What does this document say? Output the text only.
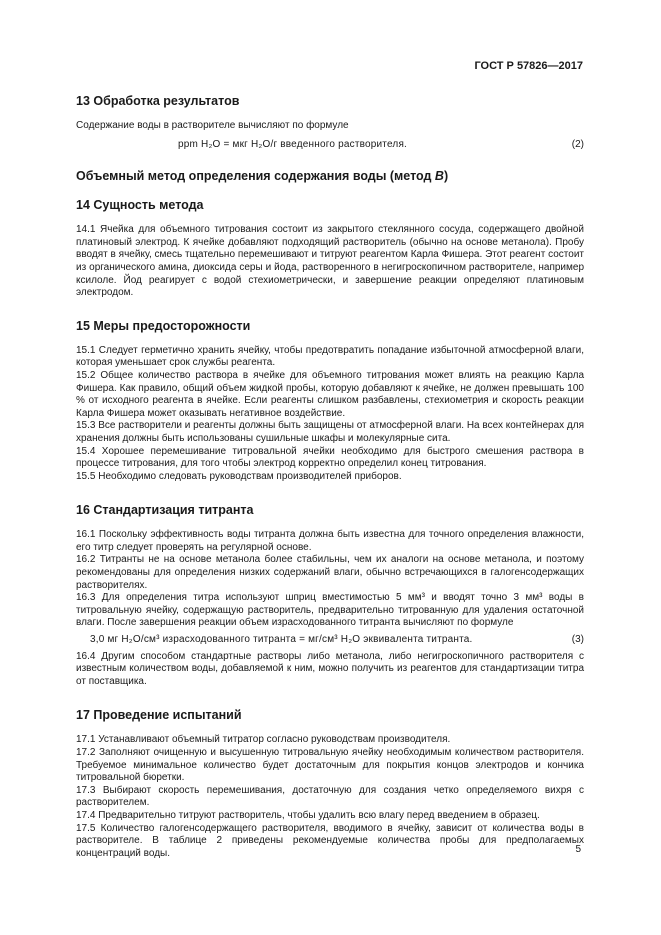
ГОСТ Р 57826—2017
13 Обработка результатов

Содержание воды в растворителе вычисляют по формуле

ppm H₂O = мкг H₂O/г введенного растворителя.	(2)
Объемный метод определения содержания воды (метод В)
14 Сущность метода

14.1 Ячейка для объемного титрования состоит из закрытого стеклянного сосуда, содержащего двойной платиновый электрод. К ячейке добавляют подходящий растворитель (обычно на основе метанола). Пробу вводят в ячейку, смесь тщательно перемешивают и титруют реагентом Карла Фишера. Этот реагент состоит из органического амина, диоксида серы и йода, растворенного в негигроскопичном растворителе, например ксилоле. Йод реагирует с водой стехиометрически, и завершение реакции определяют платиновым электродом.

15 Меры предосторожности

15.1 Следует герметично хранить ячейку, чтобы предотвратить попадание избыточной атмосферной влаги, которая уменьшает срок службы реагента.

15.2 Общее количество раствора в ячейке для объемного титрования может влиять на реакцию Карла Фишера. Как правило, общий объем жидкой пробы, которую добавляют к ячейке, не должен превышать 100 % от исходного реагента в ячейке. Если реагенты слишком разбавлены, стехиометрия и скорость реакции Карла Фишера может оказывать негативное воздействие.

15.3 Все растворители и реагенты должны быть защищены от атмосферной влаги. На всех контейнерах для хранения должны быть использованы сушильные шкафы и молекулярные сита.

15.4 Хорошее перемешивание титровальной ячейки необходимо для быстрого смешения раствора в процессе титрования, для того чтобы электрод корректно определил конец титрования.

15.5 Необходимо следовать руководствам производителей приборов.

16 Стандартизация титранта

16.1 Поскольку эффективность воды титранта должна быть известна для точного определения влажности, его титр следует проверять на регулярной основе.

16.2 Титранты не на основе метанола более стабильны, чем их аналоги на основе метанола, и поэтому рекомендованы для определения низких содержаний влаги, обычно встречающихся в галогенсодержащих растворителях.

16.3 Для определения титра используют шприц вместимостью 5 мм³ и вводят точно 3 мм³ воды в титровальную ячейку, содержащую растворитель, предварительно титрованную для удаления остаточной влаги. После завершения реакции объем израсходованного титранта вычисляют по формуле

3,0 мг H₂O/см³ израсходованного титранта = мг/см³ H₂O эквивалента титранта.	(3)

16.4 Другим способом стандартные растворы либо метанола, либо негигроскопичного растворителя с известным количеством воды, добавляемой к ним, можно получить из реагентов для стандартизации титра от поставщика.

17 Проведение испытаний

17.1 Устанавливают объемный титратор согласно руководствам производителя.

17.2 Заполняют очищенную и высушенную титровальную ячейку необходимым количеством растворителя. Требуемое минимальное количество будет достаточным для покрытия концов электродов и кончика титровальной бюретки.

17.3 Выбирают скорость перемешивания, достаточную для создания четко определяемого вихря с растворителем.

17.4 Предварительно титруют растворитель, чтобы удалить всю влагу перед введением в образец.

17.5 Количество галогенсодержащего растворителя, вводимого в ячейку, зависит от количества воды в растворителе. В таблице 2 приведены рекомендуемые количества пробы для предполагаемых концентраций воды.	5
